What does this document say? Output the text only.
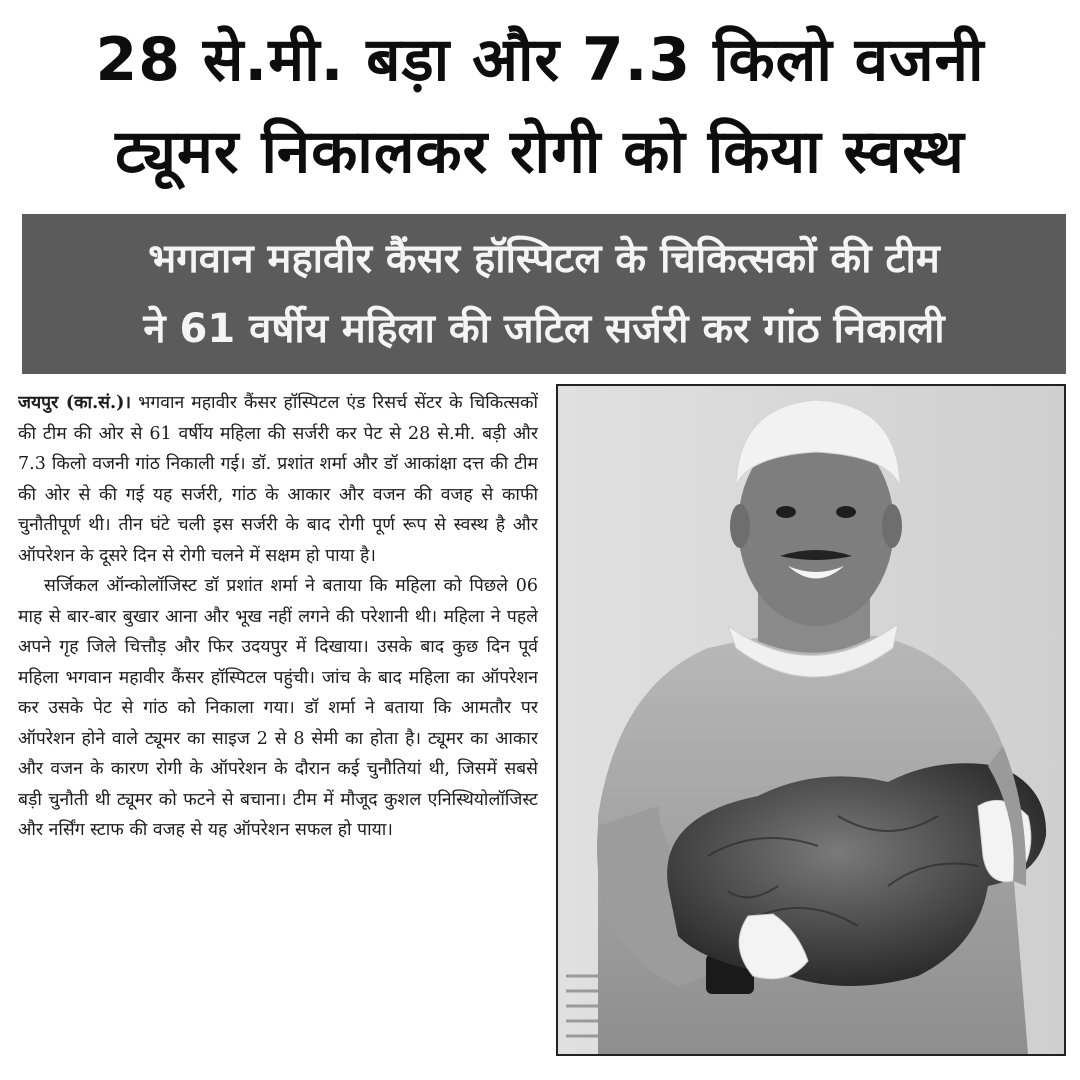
28 से.मी. बड़ा और 7.3 किलो वजनी
ट्यूमर निकालकर रोगी को किया स्वस्थ
भगवान महावीर कैंसर हॉस्पिटल के चिकित्सकों की टीम
ने 61 वर्षीय महिला की जटिल सर्जरी कर गांठ निकाली

जयपुर (का.सं.)। भगवान महावीर कैंसर हॉस्पिटल एंड रिसर्च सेंटर के चिकित्सकों की टीम की ओर से 61 वर्षीय महिला की सर्जरी कर पेट से 28 से.मी. बड़ी और 7.3 किलो वजनी गांठ निकाली गई। डॉ. प्रशांत शर्मा और डॉ आकांक्षा दत्त की टीम की ओर से की गई यह सर्जरी, गांठ के आकार और वजन की वजह से काफी चुनौतीपूर्ण थी। तीन घंटे चली इस सर्जरी के बाद रोगी पूर्ण रूप से स्वस्थ है और ऑपरेशन के दूसरे दिन से रोगी चलने में सक्षम हो पाया है।

सर्जिकल ऑन्कोलॉजिस्ट डॉ प्रशांत शर्मा ने बताया कि महिला को पिछले 06 माह से बार-बार बुखार आना और भूख नहीं लगने की परेशानी थी। महिला ने पहले अपने गृह जिले चित्तौड़ और फिर उदयपुर में दिखाया। उसके बाद कुछ दिन पूर्व महिला भगवान महावीर कैंसर हॉस्पिटल पहुंची। जांच के बाद महिला का ऑपरेशन कर उसके पेट से गांठ को निकाला गया। डॉ शर्मा ने बताया कि आमतौर पर ऑपरेशन होने वाले ट्यूमर का साइज 2 से 8 सेमी का होता है। ट्यूमर का आकार और वजन के कारण रोगी के ऑपरेशन के दौरान कई चुनौतियां थी, जिसमें सबसे बड़ी चुनौती थी ट्यूमर को फटने से बचाना। टीम में मौजूद कुशल एनिस्थियोलॉजिस्ट और नर्सिंग स्टाफ की वजह से यह ऑपरेशन सफल हो पाया।
